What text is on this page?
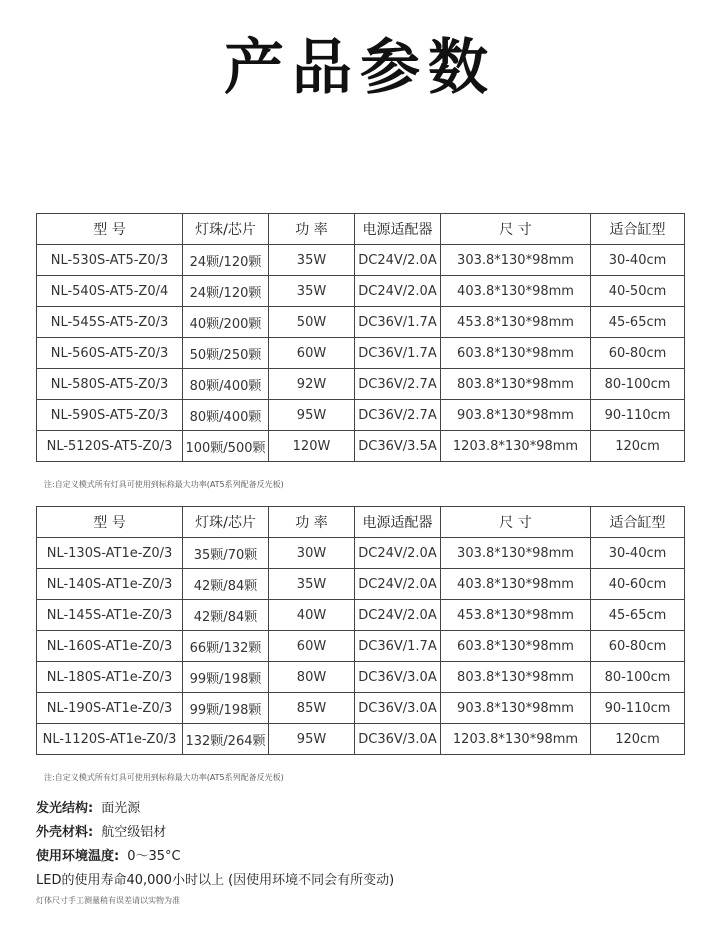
产品参数
型 号	灯珠/芯片	功 率	电源适配器	尺 寸	适合缸型
NL-530S-AT5-Z0/3	24颗/120颗	35W	DC24V/2.0A	303.8*130*98mm	30-40cm
NL-540S-AT5-Z0/4	24颗/120颗	35W	DC24V/2.0A	403.8*130*98mm	40-50cm
NL-545S-AT5-Z0/3	40颗/200颗	50W	DC36V/1.7A	453.8*130*98mm	45-65cm
NL-560S-AT5-Z0/3	50颗/250颗	60W	DC36V/1.7A	603.8*130*98mm	60-80cm
NL-580S-AT5-Z0/3	80颗/400颗	92W	DC36V/2.7A	803.8*130*98mm	80-100cm
NL-590S-AT5-Z0/3	80颗/400颗	95W	DC36V/2.7A	903.8*130*98mm	90-110cm
NL-5120S-AT5-Z0/3	100颗/500颗	120W	DC36V/3.5A	1203.8*130*98mm	120cm
注:自定义模式所有灯具可使用到标称最大功率(AT5系列配备反光板)
型 号	灯珠/芯片	功 率	电源适配器	尺 寸	适合缸型
NL-130S-AT1e-Z0/3	35颗/70颗	30W	DC24V/2.0A	303.8*130*98mm	30-40cm
NL-140S-AT1e-Z0/3	42颗/84颗	35W	DC24V/2.0A	403.8*130*98mm	40-60cm
NL-145S-AT1e-Z0/3	42颗/84颗	40W	DC24V/2.0A	453.8*130*98mm	45-65cm
NL-160S-AT1e-Z0/3	66颗/132颗	60W	DC36V/1.7A	603.8*130*98mm	60-80cm
NL-180S-AT1e-Z0/3	99颗/198颗	80W	DC36V/3.0A	803.8*130*98mm	80-100cm
NL-190S-AT1e-Z0/3	99颗/198颗	85W	DC36V/3.0A	903.8*130*98mm	90-110cm
NL-1120S-AT1e-Z0/3	132颗/264颗	95W	DC36V/3.0A	1203.8*130*98mm	120cm
注:自定义模式所有灯具可使用到标称最大功率(AT5系列配备反光板)
发光结构: 面光源
外壳材料: 航空级铝材
使用环境温度: 0～35°C
LED的使用寿命40,000小时以上 (因使用环境不同会有所变动)
灯体尺寸手工测量稍有误差请以实物为准
